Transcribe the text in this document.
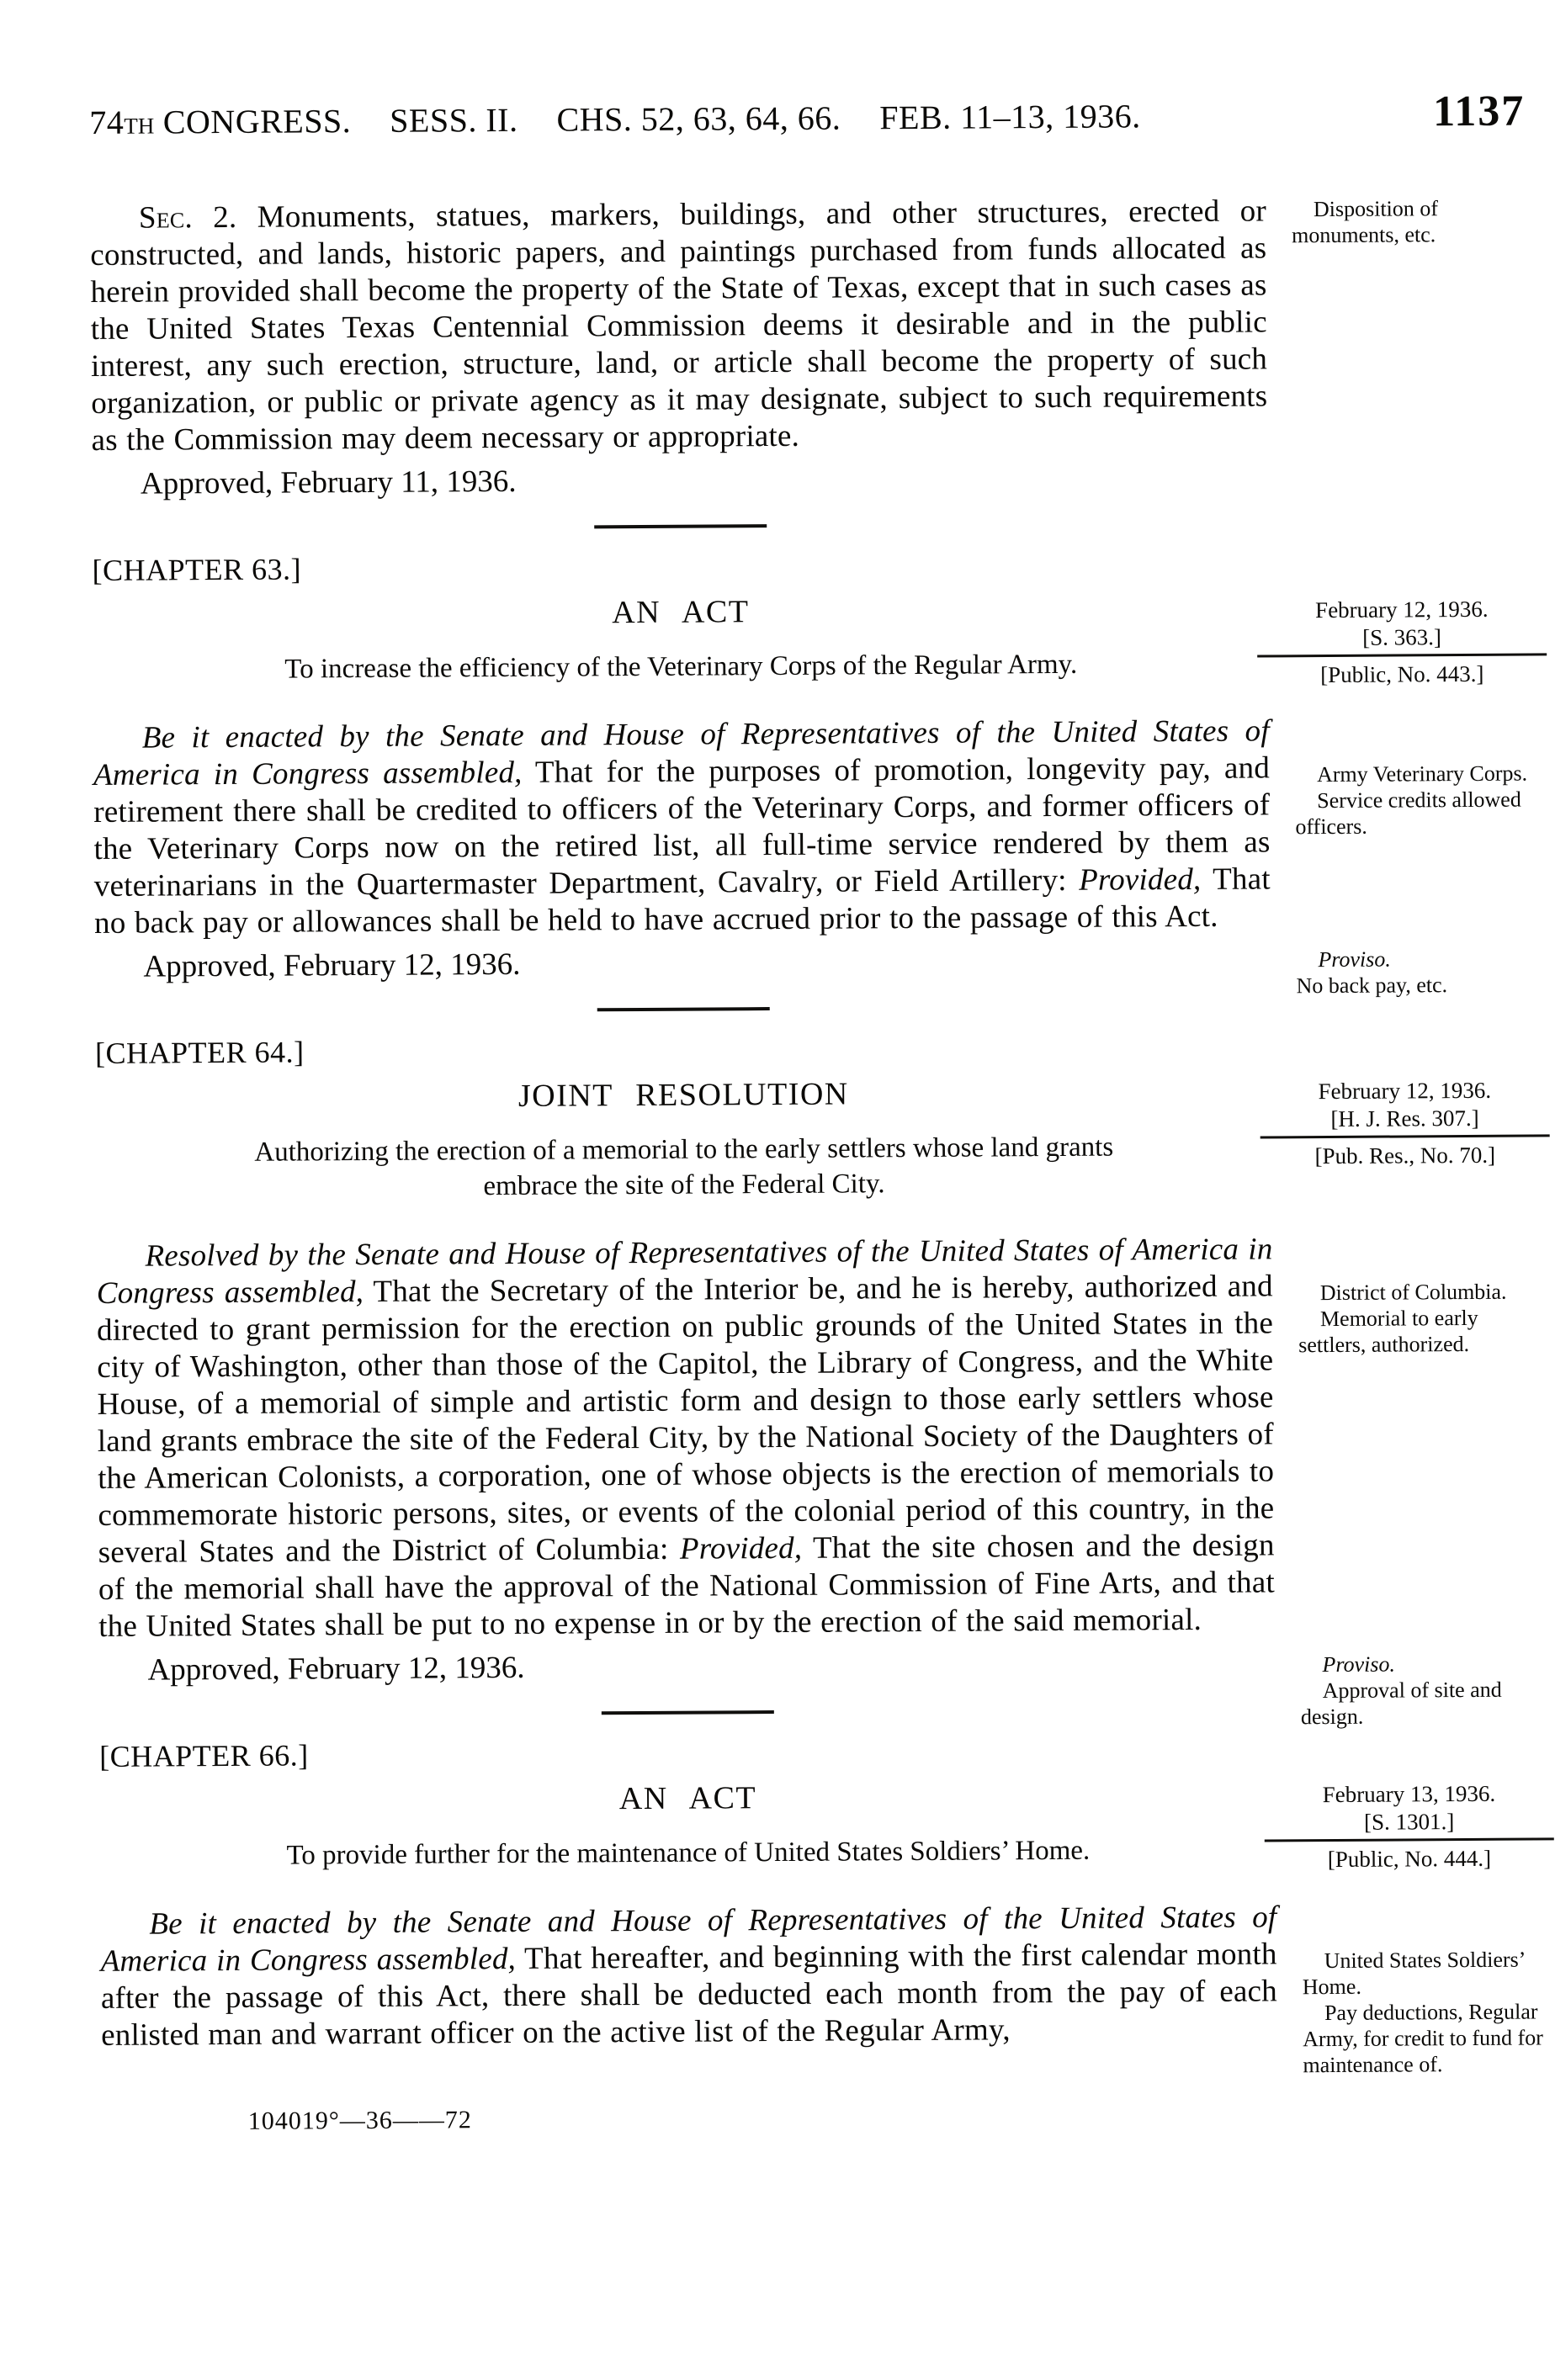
74TH CONGRESS. SESS. II. CHS. 52, 63, 64, 66. FEB. 11–13, 1936.	1137

Sec. 2. Monuments, statues, markers, buildings, and other structures, erected or constructed, and lands, historic papers, and paintings purchased from funds allocated as herein provided shall become the property of the State of Texas, except that in such cases as the United States Texas Centennial Commission deems it desirable and in the public interest, any such erection, structure, land, or article shall become the property of such organization, or public or private agency as it may designate, subject to such requirements as the Commission may deem necessary or appropriate.

Approved, February 11, 1936.

Disposition of monuments, etc.

[CHAPTER 63.]
AN ACT
To increase the efficiency of the Veterinary Corps of the Regular Army.

Be it enacted by the Senate and House of Representatives of the United States of America in Congress assembled, That for the purposes of promotion, longevity pay, and retirement there shall be credited to officers of the Veterinary Corps, and former officers of the Veterinary Corps now on the retired list, all full-time service rendered by them as veterinarians in the Quartermaster Department, Cavalry, or Field Artillery: Provided, That no back pay or allowances shall be held to have accrued prior to the passage of this Act.

Approved, February 12, 1936.

February 12, 1936.
[S. 363.]
[Public, No. 443.]

Army Veterinary Corps.

Service credits allowed officers.

Proviso.

No back pay, etc.

[CHAPTER 64.]
JOINT RESOLUTION
Authorizing the erection of a memorial to the early settlers whose land grants embrace the site of the Federal City.

Resolved by the Senate and House of Representatives of the United States of America in Congress assembled, That the Secretary of the Interior be, and he is hereby, authorized and directed to grant permission for the erection on public grounds of the United States in the city of Washington, other than those of the Capitol, the Library of Congress, and the White House, of a memorial of simple and artistic form and design to those early settlers whose land grants embrace the site of the Federal City, by the National Society of the Daughters of the American Colonists, a corporation, one of whose objects is the erection of memorials to commemorate historic persons, sites, or events of the colonial period of this country, in the several States and the District of Columbia: Provided, That the site chosen and the design of the memorial shall have the approval of the National Commission of Fine Arts, and that the United States shall be put to no expense in or by the erection of the said memorial.

Approved, February 12, 1936.

February 12, 1936.
[H. J. Res. 307.]
[Pub. Res., No. 70.]

District of Columbia.

Memorial to early settlers, authorized.

Proviso.

Approval of site and design.

[CHAPTER 66.]
AN ACT
To provide further for the maintenance of United States Soldiers’ Home.

Be it enacted by the Senate and House of Representatives of the United States of America in Congress assembled, That hereafter, and beginning with the first calendar month after the passage of this Act, there shall be deducted each month from the pay of each enlisted man and warrant officer on the active list of the Regular Army,

February 13, 1936.
[S. 1301.]
[Public, No. 444.]

United States Soldiers’ Home.

Pay deductions, Regular Army, for credit to fund for maintenance of.

104019°—36——72
